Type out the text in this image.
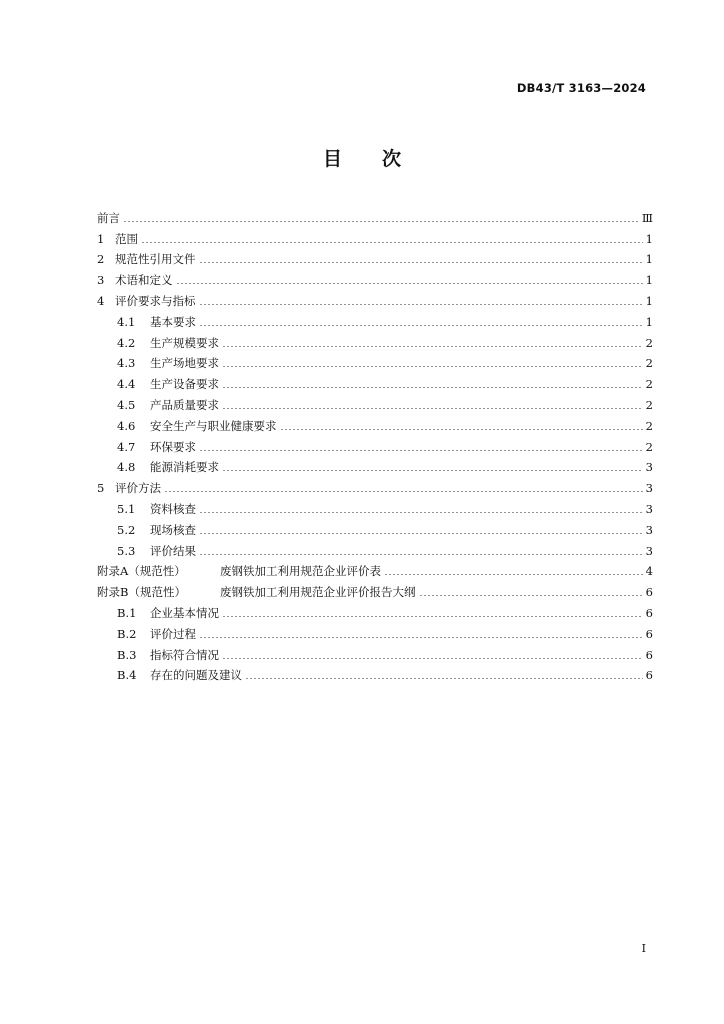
DB43/T 3163—2024
目 次
前言	Ⅲ
1 范围	1
2 规范性引用文件	1
3 术语和定义	1
4 评价要求与指标	1
4.1	基本要求	1
4.2	生产规模要求	2
4.3	生产场地要求	2
4.4	生产设备要求	2
4.5	产品质量要求	2
4.6	安全生产与职业健康要求	2
4.7	环保要求	2
4.8	能源消耗要求	3
5 评价方法	3
5.1	资料核查	3
5.2	现场核查	3
5.3	评价结果	3
附录A（规范性）	废钢铁加工利用规范企业评价表	4
附录B（规范性）	废钢铁加工利用规范企业评价报告大纲	6
B.1	企业基本情况	6
B.2	评价过程	6
B.3	指标符合情况	6
B.4	存在的问题及建议	6
I
